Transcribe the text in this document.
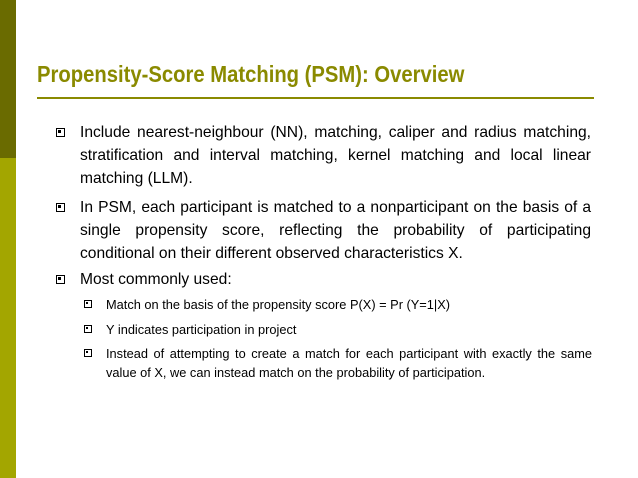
Propensity-Score Matching (PSM): Overview

Include nearest-neighbour (NN), matching, caliper and radius matching, stratification and interval matching, kernel matching and local linear matching (LLM).

In PSM, each participant is matched to a nonparticipant on the basis of a single propensity score, reflecting the probability of participating conditional on their different observed characteristics X.

Most commonly used:

Match on the basis of the propensity score P(X) = Pr (Y=1|X)

Y indicates participation in project

Instead of attempting to create a match for each participant with exactly the same value of X, we can instead match on the probability of participation.
